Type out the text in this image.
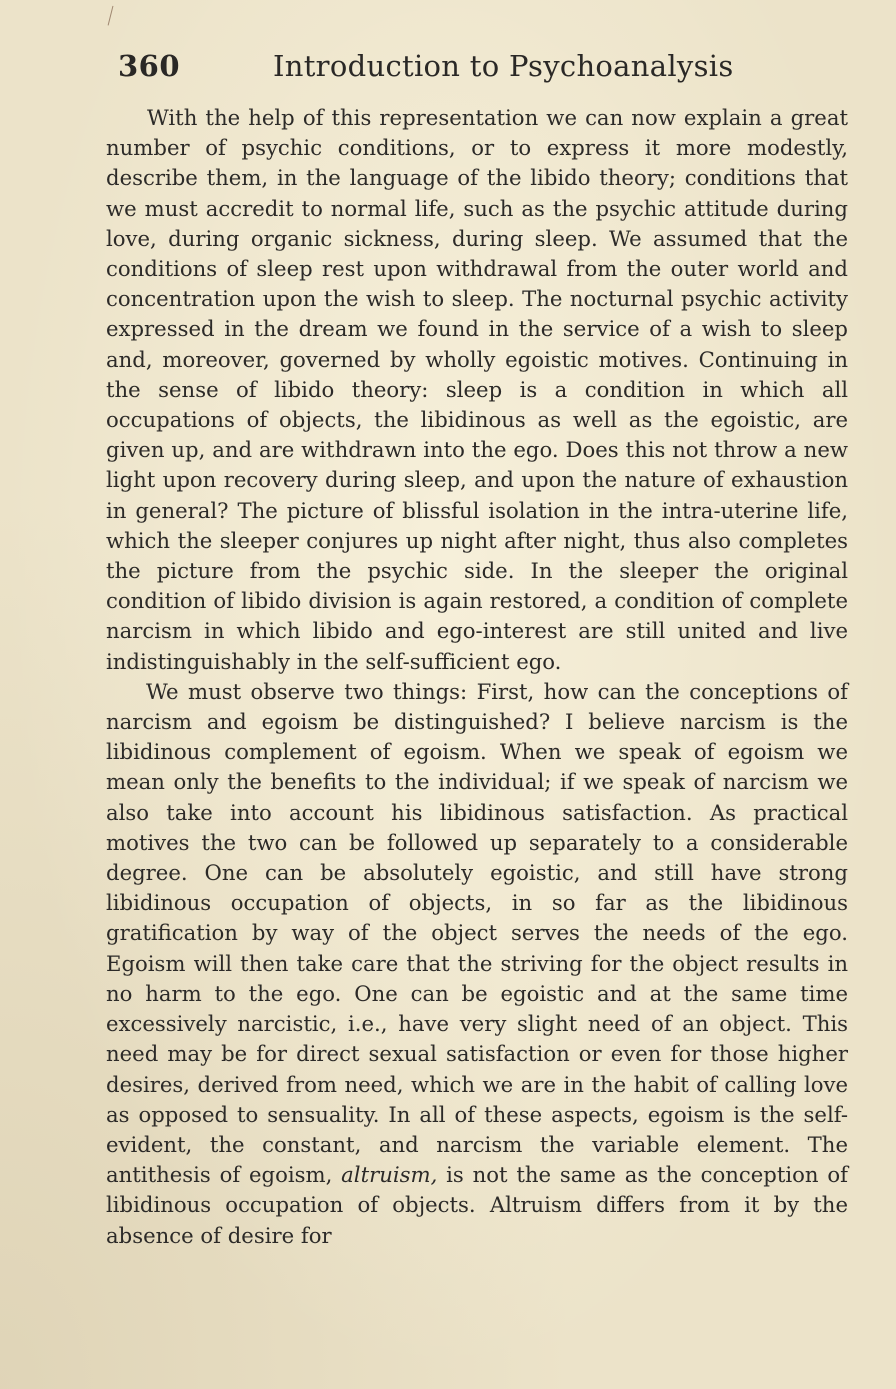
360	Introduction to Psychoanalysis

With the help of this representation we can now explain a great number of psychic conditions, or to express it more modestly, describe them, in the language of the libido theory; conditions that we must accredit to normal life, such as the psychic attitude during love, during organic sickness, during sleep. We assumed that the conditions of sleep rest upon withdrawal from the outer world and concentration upon the wish to sleep. The nocturnal psychic activity expressed in the dream we found in the service of a wish to sleep and, moreover, governed by wholly egoistic motives. Continuing in the sense of libido theory: sleep is a condition in which all occupations of objects, the libidinous as well as the egoistic, are given up, and are withdrawn into the ego. Does this not throw a new light upon recovery during sleep, and upon the nature of exhaustion in general? The picture of blissful isolation in the intra-uterine life, which the sleeper conjures up night after night, thus also completes the picture from the psychic side. In the sleeper the original condition of libido division is again restored, a condition of complete narcism in which libido and ego-interest are still united and live indistinguishably in the self-sufficient ego.

We must observe two things: First, how can the conceptions of narcism and egoism be distinguished? I believe narcism is the libidinous complement of egoism. When we speak of egoism we mean only the benefits to the individual; if we speak of narcism we also take into account his libidinous satisfaction. As practical motives the two can be followed up separately to a considerable degree. One can be absolutely egoistic, and still have strong libidinous occupation of objects, in so far as the libidinous gratification by way of the object serves the needs of the ego. Egoism will then take care that the striving for the object results in no harm to the ego. One can be egoistic and at the same time excessively narcistic, i.e., have very slight need of an object. This need may be for direct sexual satisfaction or even for those higher desires, derived from need, which we are in the habit of calling love as opposed to sensuality. In all of these aspects, egoism is the self-evident, the constant, and narcism the variable element. The antithesis of egoism, altruism, is not the same as the conception of libidinous occupation of objects. Altruism differs from it by the absence of desire for
